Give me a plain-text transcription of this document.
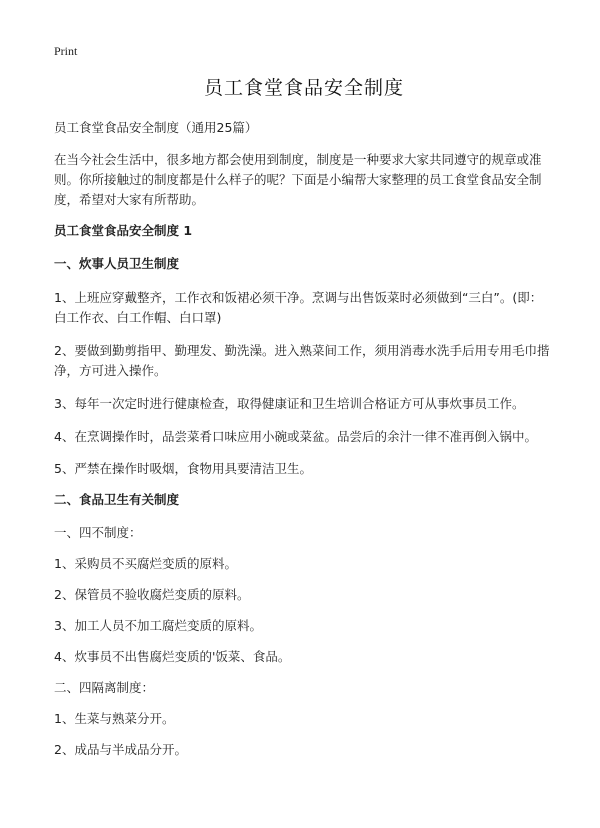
Print
员工食堂食品安全制度
员工食堂食品安全制度（通用25篇）

在当今社会生活中，很多地方都会使用到制度，制度是一种要求大家共同遵守的规章或准则。你所接触过的制度都是什么样子的呢？下面是小编帮大家整理的员工食堂食品安全制度，希望对大家有所帮助。

员工食堂食品安全制度 1
一、炊事人员卫生制度
1、上班应穿戴整齐，工作衣和饭裙必须干净。烹调与出售饭菜时必须做到“三白”。(即：白工作衣、白工作帽、白口罩)
2、要做到勤剪指甲、勤理发、勤洗澡。进入熟菜间工作，须用消毒水洗手后用专用毛巾揩净，方可进入操作。
3、每年一次定时进行健康检查，取得健康证和卫生培训合格证方可从事炊事员工作。
4、在烹调操作时，品尝菜肴口味应用小碗或菜盆。品尝后的余汁一律不准再倒入锅中。
5、严禁在操作时吸烟，食物用具要清洁卫生。
二、食品卫生有关制度
一、四不制度：
1、采购员不买腐烂变质的原料。
2、保管员不验收腐烂变质的原料。
3、加工人员不加工腐烂变质的原料。
4、炊事员不出售腐烂变质的'饭菜、食品。
二、四隔离制度：
1、生菜与熟菜分开。
2、成品与半成品分开。
